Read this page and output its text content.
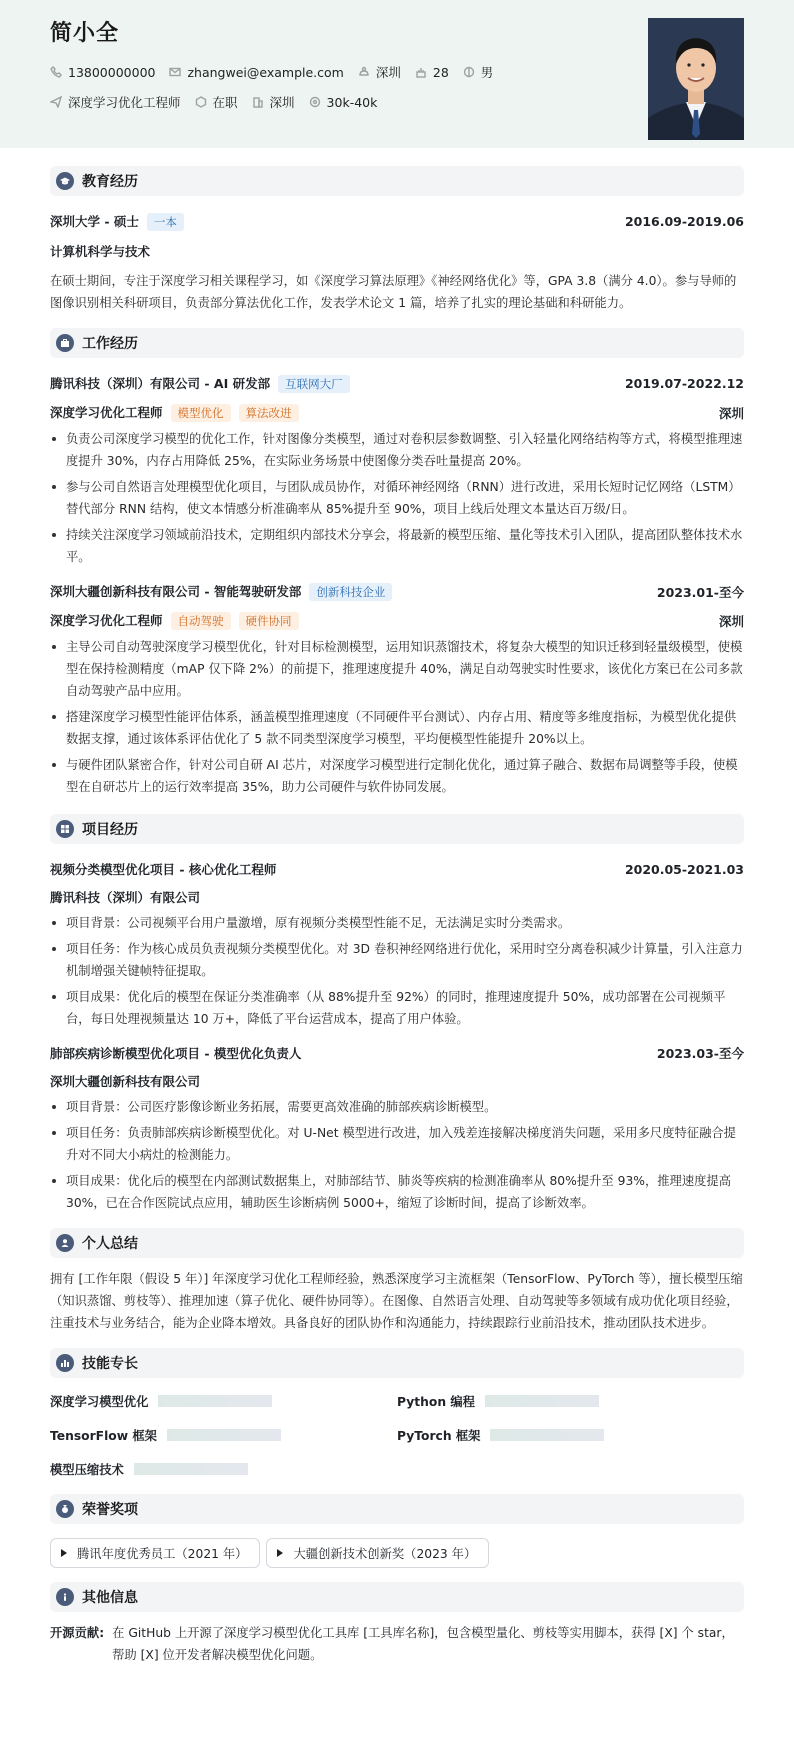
简小全
13800000000	zhangwei@example.com	深圳	28	男
深度学习优化工程师	在职	深圳	30k-40k
教育经历
深圳大学 - 硕士 一本	2016.09-2019.06
计算机科学与技术
在硕士期间，专注于深度学习相关课程学习，如《深度学习算法原理》《神经网络优化》等，GPA 3.8（满分 4.0）。参与导师的图像识别相关科研项目，负责部分算法优化工作，发表学术论文 1 篇，培养了扎实的理论基础和科研能力。
工作经历
腾讯科技（深圳）有限公司 - AI 研发部 互联网大厂	2019.07-2022.12
深度学习优化工程师 模型优化 算法改进	深圳
负责公司深度学习模型的优化工作，针对图像分类模型，通过对卷积层参数调整、引入轻量化网络结构等方式，将模型推理速度提升 30%，内存占用降低 25%，在实际业务场景中使图像分类吞吐量提高 20%。
参与公司自然语言处理模型优化项目，与团队成员协作，对循环神经网络（RNN）进行改进，采用长短时记忆网络（LSTM）替代部分 RNN 结构，使文本情感分析准确率从 85%提升至 90%，项目上线后处理文本量达百万级/日。
持续关注深度学习领域前沿技术，定期组织内部技术分享会，将最新的模型压缩、量化等技术引入团队，提高团队整体技术水平。
深圳大疆创新科技有限公司 - 智能驾驶研发部 创新科技企业	2023.01-至今
深度学习优化工程师 自动驾驶 硬件协同	深圳
主导公司自动驾驶深度学习模型优化，针对目标检测模型，运用知识蒸馏技术，将复杂大模型的知识迁移到轻量级模型，使模型在保持检测精度（mAP 仅下降 2%）的前提下，推理速度提升 40%，满足自动驾驶实时性要求，该优化方案已在公司多款自动驾驶产品中应用。
搭建深度学习模型性能评估体系，涵盖模型推理速度（不同硬件平台测试）、内存占用、精度等多维度指标，为模型优化提供数据支撑，通过该体系评估优化了 5 款不同类型深度学习模型，平均便模型性能提升 20%以上。
与硬件团队紧密合作，针对公司自研 AI 芯片，对深度学习模型进行定制化优化，通过算子融合、数据布局调整等手段，使模型在自研芯片上的运行效率提高 35%，助力公司硬件与软件协同发展。
项目经历
视频分类模型优化项目 - 核心优化工程师	2020.05-2021.03
腾讯科技（深圳）有限公司
项目背景：公司视频平台用户量激增，原有视频分类模型性能不足，无法满足实时分类需求。
项目任务：作为核心成员负责视频分类模型优化。对 3D 卷积神经网络进行优化，采用时空分离卷积减少计算量，引入注意力机制增强关键帧特征提取。
项目成果：优化后的模型在保证分类准确率（从 88%提升至 92%）的同时，推理速度提升 50%，成功部署在公司视频平台，每日处理视频量达 10 万+，降低了平台运营成本，提高了用户体验。
肺部疾病诊断模型优化项目 - 模型优化负责人	2023.03-至今
深圳大疆创新科技有限公司
项目背景：公司医疗影像诊断业务拓展，需要更高效准确的肺部疾病诊断模型。
项目任务：负责肺部疾病诊断模型优化。对 U-Net 模型进行改进，加入残差连接解决梯度消失问题，采用多尺度特征融合提升对不同大小病灶的检测能力。
项目成果：优化后的模型在内部测试数据集上，对肺部结节、肺炎等疾病的检测准确率从 80%提升至 93%，推理速度提高 30%，已在合作医院试点应用，辅助医生诊断病例 5000+，缩短了诊断时间，提高了诊断效率。
个人总结
拥有 [工作年限（假设 5 年）] 年深度学习优化工程师经验，熟悉深度学习主流框架（TensorFlow、PyTorch 等），擅长模型压缩（知识蒸馏、剪枝等）、推理加速（算子优化、硬件协同等）。在图像、自然语言处理、自动驾驶等多领域有成功优化项目经验，注重技术与业务结合，能为企业降本增效。具备良好的团队协作和沟通能力，持续跟踪行业前沿技术，推动团队技术进步。
技能专长
深度学习模型优化	Python 编程
TensorFlow 框架	PyTorch 框架
模型压缩技术
荣誉奖项
腾讯年度优秀员工（2021 年）	大疆创新技术创新奖（2023 年）
其他信息
开源贡献: 在 GitHub 上开源了深度学习模型优化工具库 [工具库名称]，包含模型量化、剪枝等实用脚本，获得 [X] 个 star，帮助 [X] 位开发者解决模型优化问题。
